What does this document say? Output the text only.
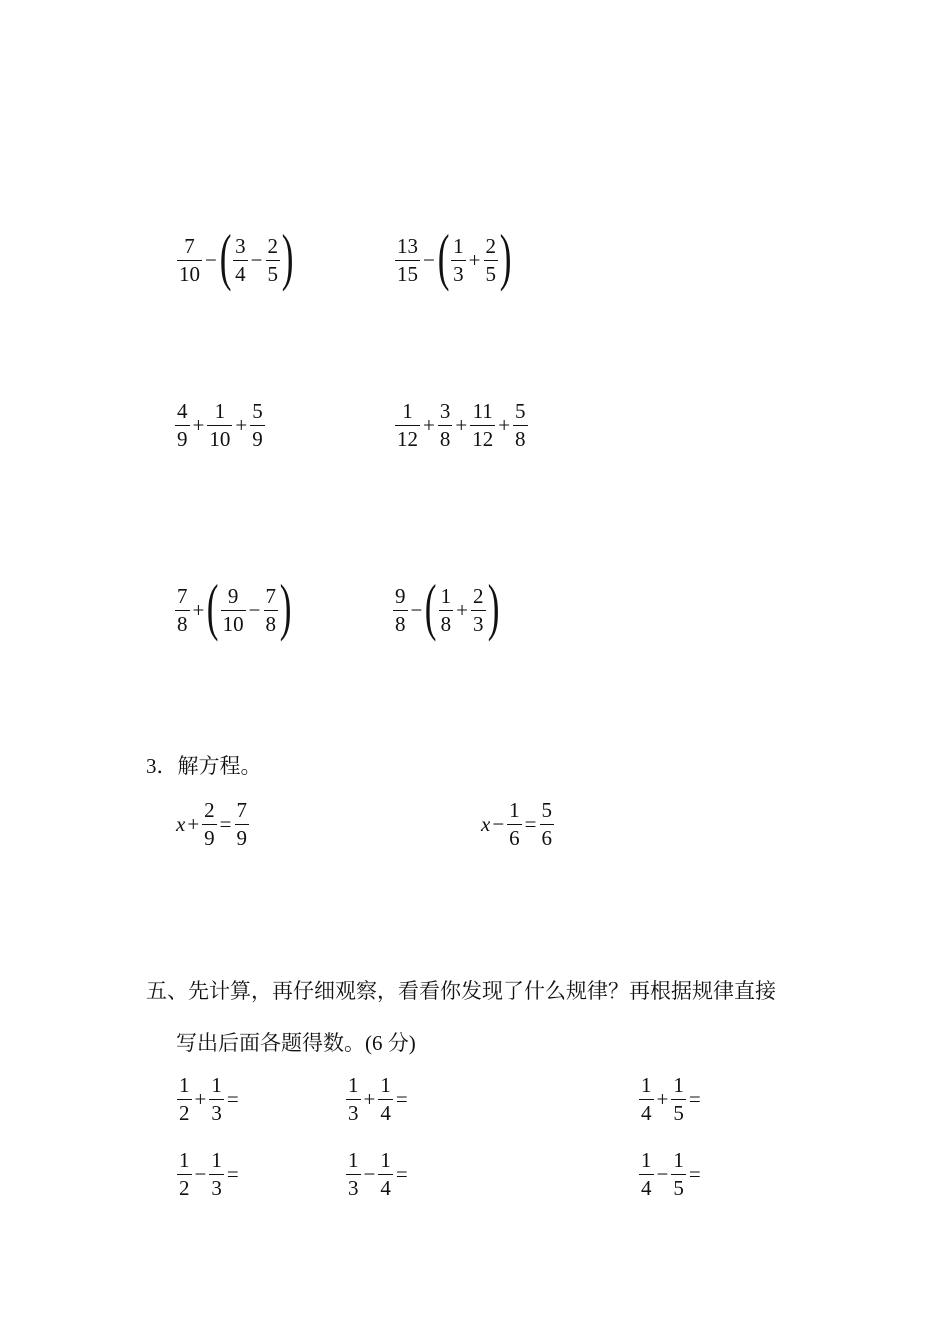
$\frac{7}{10}$ − ( $\frac{3}{4} - \frac{2}{5}$ )	$\frac{13}{15}$ − ( $\frac{1}{3} + \frac{2}{5}$ )
$\frac{4}{9} + \frac{1}{10} + \frac{5}{9}$	$\frac{1}{12} + \frac{3}{8} + \frac{11}{12} + \frac{5}{8}$
$\frac{7}{8}$ + ( $\frac{9}{10} - \frac{7}{8}$ )	$\frac{9}{8}$ − ( $\frac{1}{8} + \frac{2}{3}$ )
3．解方程。
$x + \frac{2}{9} = \frac{7}{9}$	$x - \frac{1}{6} = \frac{5}{6}$
五、先计算，再仔细观察，看看你发现了什么规律？再根据规律直接
写出后面各题得数。(6 分)
$\frac{1}{2} + \frac{1}{3}$ =	$\frac{1}{3} + \frac{1}{4}$ =	$\frac{1}{4} + \frac{1}{5}$ =
$\frac{1}{2} - \frac{1}{3}$ =	$\frac{1}{3} - \frac{1}{4}$ =	$\frac{1}{4} - \frac{1}{5}$ =
